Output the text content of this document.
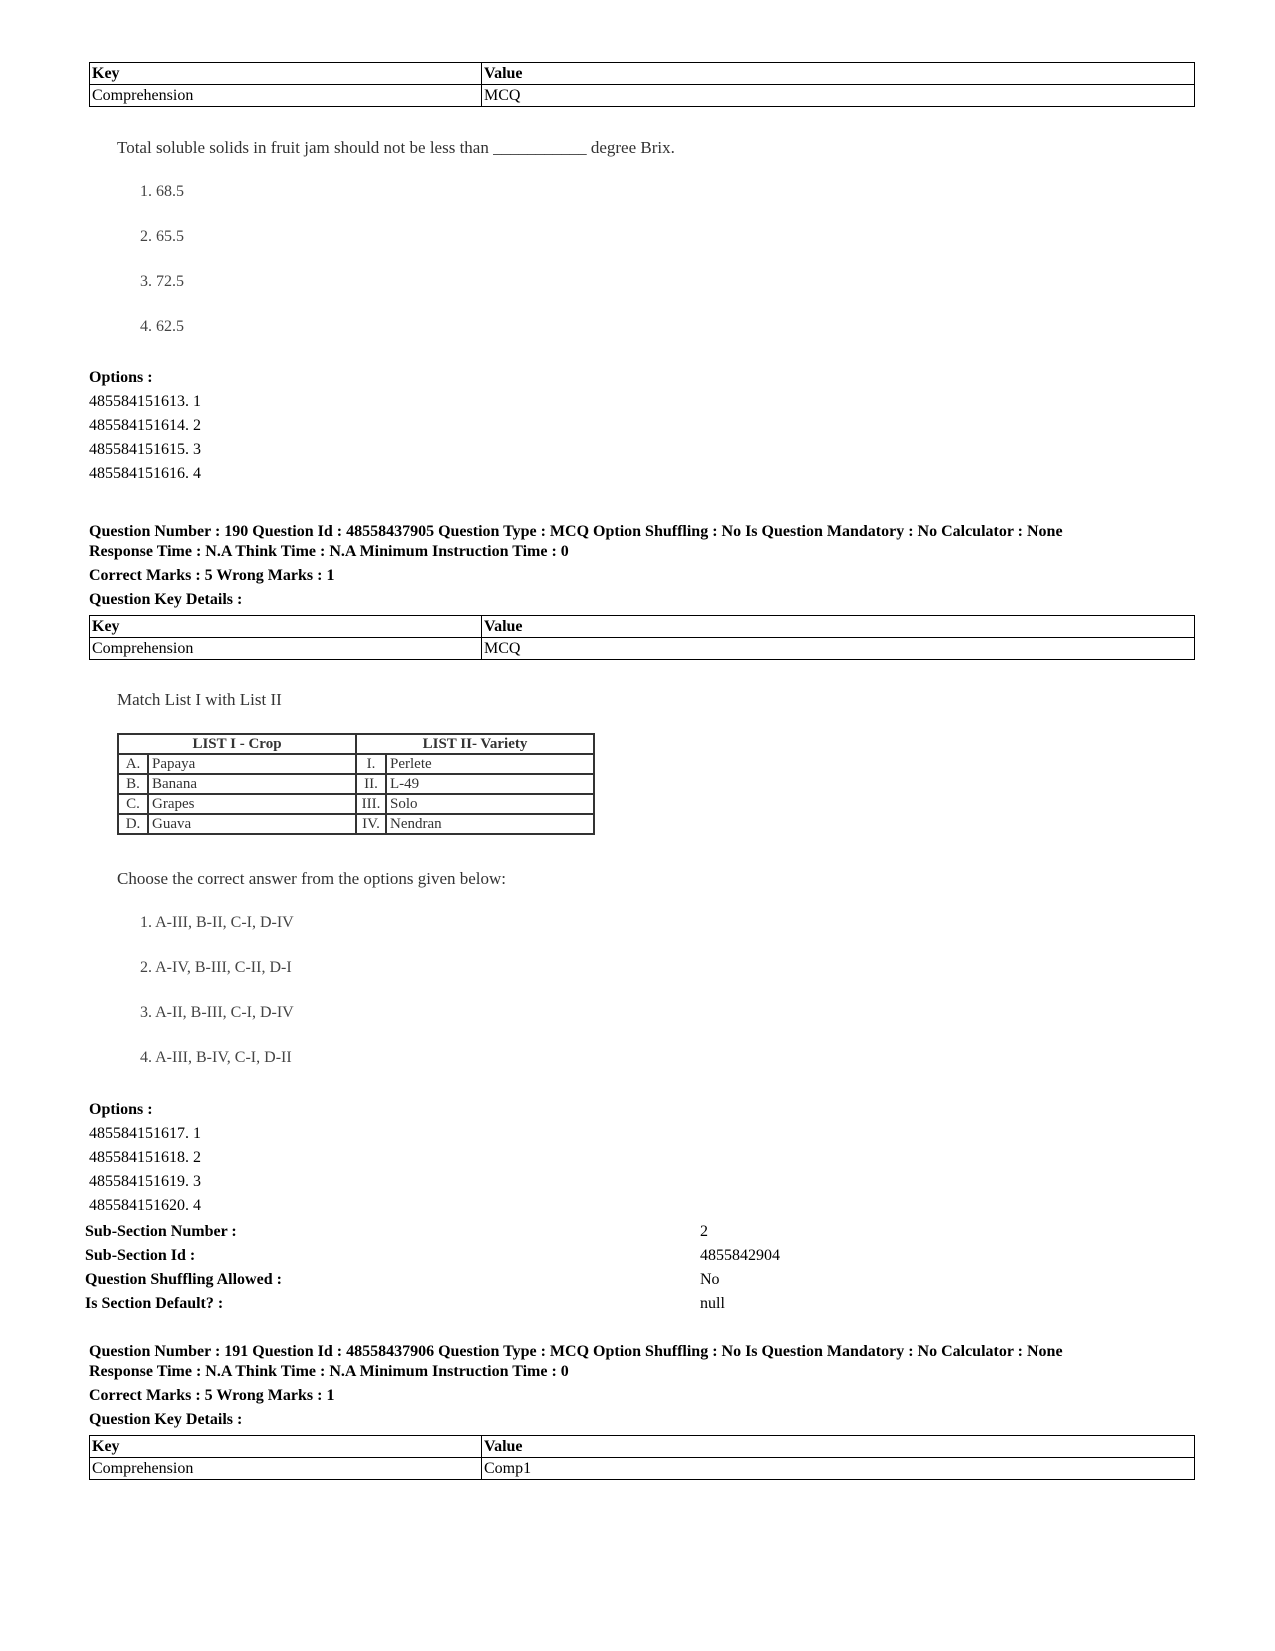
Key	Value
Comprehension	MCQ
Total soluble solids in fruit jam should not be less than ___________ degree Brix.
1. 68.5
2. 65.5
3. 72.5
4. 62.5
Options :
485584151613. 1
485584151614. 2
485584151615. 3
485584151616. 4
Question Number : 190 Question Id : 48558437905 Question Type : MCQ Option Shuffling : No Is Question Mandatory : No Calculator : None
Response Time : N.A Think Time : N.A Minimum Instruction Time : 0
Correct Marks : 5 Wrong Marks : 1
Question Key Details :
Key	Value
Comprehension	MCQ
Match List I with List II
LIST I - Crop		LIST II- Variety	
A.	Papaya	I.	Perlete
B.	Banana	II.	L-49
C.	Grapes	III.	Solo
D.	Guava	IV.	Nendran
Choose the correct answer from the options given below:
1. A-III, B-II, C-I, D-IV
2. A-IV, B-III, C-II, D-I
3. A-II, B-III, C-I, D-IV
4. A-III, B-IV, C-I, D-II
Options :
485584151617. 1
485584151618. 2
485584151619. 3
485584151620. 4
Sub-Section Number :	2
Sub-Section Id :	4855842904
Question Shuffling Allowed :	No
Is Section Default? :	null
Question Number : 191 Question Id : 48558437906 Question Type : MCQ Option Shuffling : No Is Question Mandatory : No Calculator : None
Response Time : N.A Think Time : N.A Minimum Instruction Time : 0
Correct Marks : 5 Wrong Marks : 1
Question Key Details :
Key	Value
Comprehension	Comp1
